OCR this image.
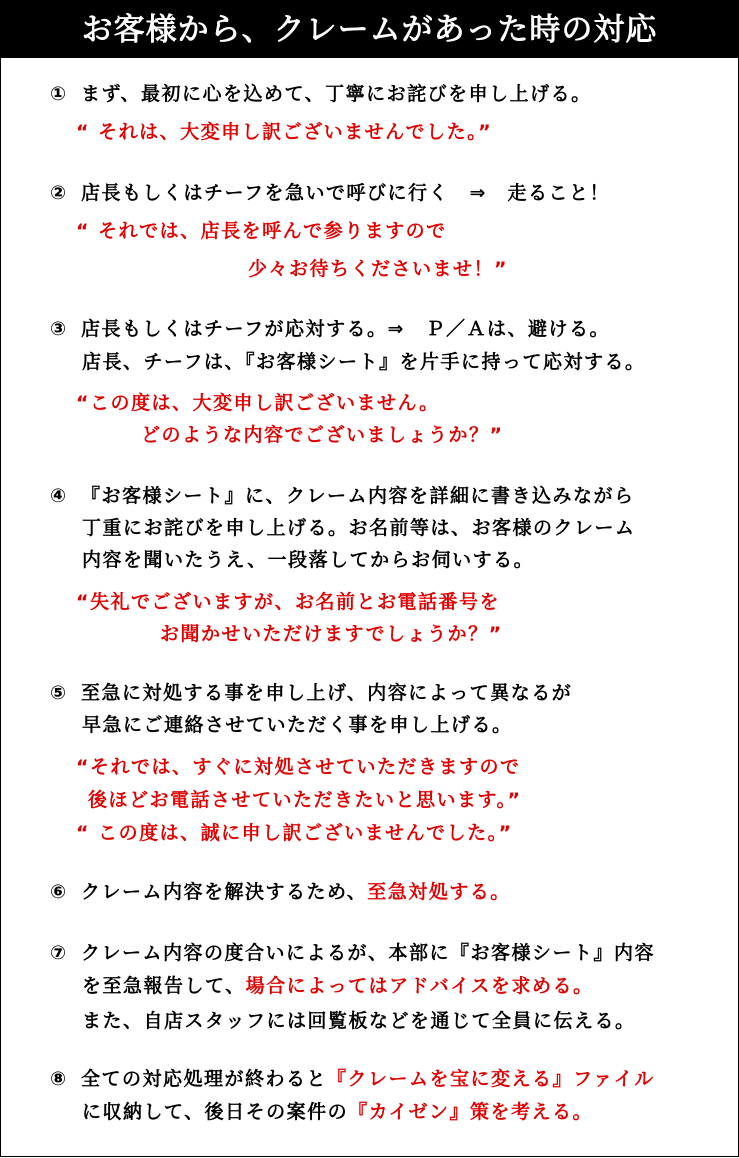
お客様から、クレームがあった時の対応
① まず、最初に心を込めて、丁寧にお詫びを申し上げる。
“ それは、大変申し訳ございませんでした。”
② 店長もしくはチーフを急いで呼びに行く　⇒　走ること！
“ それでは、店長を呼んで参りますので
少々お待ちくださいませ！”
③ 店長もしくはチーフが応対する。⇒　Ｐ／Ａは、避ける。
店長、チーフは、『お客様シート』を片手に持って応対する。
“この度は、大変申し訳ございません。
どのような内容でございましょうか？”
④ 『お客様シート』に、クレーム内容を詳細に書き込みながら
丁重にお詫びを申し上げる。お名前等は、お客様のクレーム
内容を聞いたうえ、一段落してからお伺いする。
“失礼でございますが、お名前とお電話番号を
お聞かせいただけますでしょうか？”
⑤ 至急に対処する事を申し上げ、内容によって異なるが
早急にご連絡させていただく事を申し上げる。
“それでは、すぐに対処させていただきますので
後ほどお電話させていただきたいと思います。”
“ この度は、誠に申し訳ございませんでした。”
⑥ クレーム内容を解決するため、至急対処する。
⑦ クレーム内容の度合いによるが、本部に『お客様シート』内容
を至急報告して、場合によってはアドバイスを求める。
また、自店スタッフには回覧板などを通じて全員に伝える。
⑧ 全ての対応処理が終わると『クレームを宝に変える』ファイル
に収納して、後日その案件の『カイゼン』策を考える。
